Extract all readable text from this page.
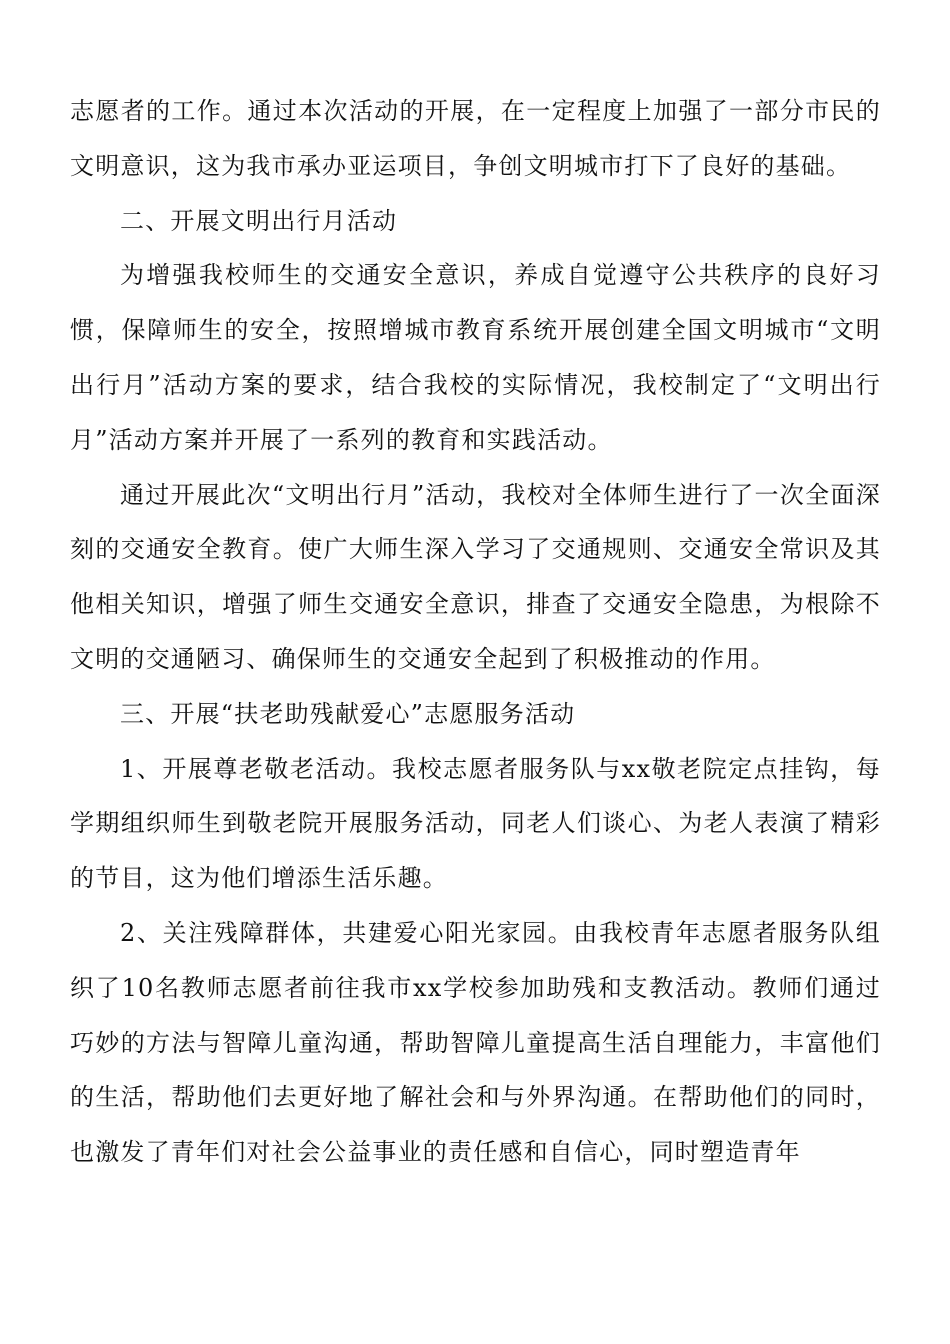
志愿者的工作。通过本次活动的开展，在一定程度上加强了一部分市民的文明意识，这为我市承办亚运项目，争创文明城市打下了良好的基础。

二、开展文明出行月活动

为增强我校师生的交通安全意识，养成自觉遵守公共秩序的良好习惯，保障师生的安全，按照增城市教育系统开展创建全国文明城市“文明出行月”活动方案的要求，结合我校的实际情况，我校制定了“文明出行月”活动方案并开展了一系列的教育和实践活动。

通过开展此次“文明出行月”活动，我校对全体师生进行了一次全面深刻的交通安全教育。使广大师生深入学习了交通规则、交通安全常识及其他相关知识，增强了师生交通安全意识，排查了交通安全隐患，为根除不文明的交通陋习、确保师生的交通安全起到了积极推动的作用。

三、开展“扶老助残献爱心”志愿服务活动

1、开展尊老敬老活动。我校志愿者服务队与xx敬老院定点挂钩，每学期组织师生到敬老院开展服务活动，同老人们谈心、为老人表演了精彩的节目，这为他们增添生活乐趣。

2、关注残障群体，共建爱心阳光家园。由我校青年志愿者服务队组织了10名教师志愿者前往我市xx学校参加助残和支教活动。教师们通过巧妙的方法与智障儿童沟通，帮助智障儿童提高生活自理能力，丰富他们的生活，帮助他们去更好地了解社会和与外界沟通。在帮助他们的同时，也激发了青年们对社会公益事业的责任感和自信心，同时塑造青年
